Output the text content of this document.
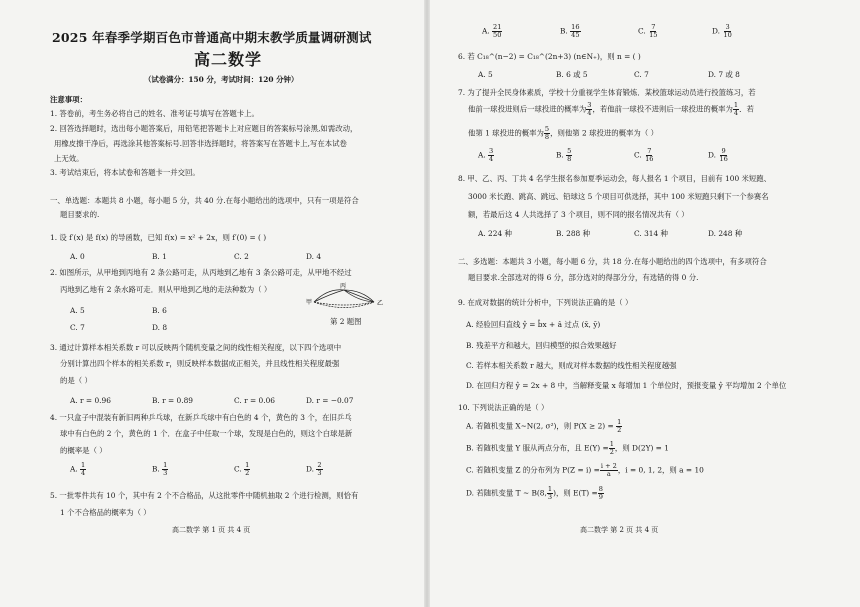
2025 年春季学期百色市普通高中期末教学质量调研测试
高二数学
（试卷满分：150 分，考试时间：120 分钟）
注意事项：
1. 答卷前，考生务必将自己的姓名、准考证号填写在答题卡上。
2. 回答选择题时，选出每小题答案后，用铅笔把答题卡上对应题目的答案标号涂黑,如需改动，
用橡皮擦干净后，再选涂其他答案标号.回答非选择题时，将答案写在答题卡上,写在本试卷
上无效。
3. 考试结束后，将本试卷和答题卡一并交回。
一、单选题：本题共 8 小题，每小题 5 分，共 40 分.在每小题给出的选项中，只有一项是符合
题目要求的.
1. 设 f′(x) 是 f(x) 的导函数，已知 f(x) = x² + 2x，则 f′(0) = ( )
A. 0	B. 1	C. 2	D. 4
2. 如图所示，从甲地到丙地有 2 条公路可走，从丙地到乙地有 3 条公路可走，从甲地不经过
丙地到乙地有 2 条水路可走．则从甲地到乙地的走法种数为（ ）
A. 5	B. 6
C. 7	D. 8
甲
丙
乙
第 2 题图
3. 通过计算样本相关系数 r 可以反映两个随机变量之间的线性相关程度，以下四个选项中
分别计算出四个样本的相关系数 r，则反映样本数据成正相关，并且线性相关程度最强
的是（ ）
A. r = 0.96	B. r = 0.89	C. r = 0.06	D. r = −0.07
4. 一只盒子中混装有新旧两种乒乓球，在新乒乓球中有白色的 4 个，黄色的 3 个，在旧乒乓
球中有白色的 2 个，黄色的 1 个．在盒子中任取一个球，发现是白色的，则这个白球是新
的概率是（ ）
A. $\frac{1}{4}$	B. $\frac{1}{3}$	C. $\frac{1}{2}$	D. $\frac{2}{3}$
5. 一批零件共有 10 个，其中有 2 个不合格品，从这批零件中随机抽取 2 个进行检测，则恰有
1 个不合格品的概率为（ ）
高二数学 第 1 页 共 4 页
A. $\frac{21}{50}$	B. $\frac{16}{45}$	C. $\frac{7}{15}$	D. $\frac{3}{10}$
6. 若 C₁₈^(n−2) = C₁₈^(2n+3) (n∈N₊)，则 n = ( )
A. 5	B. 6 或 5	C. 7	D. 7 或 8
7. 为了提升全民身体素质，学校十分重视学生体育锻炼．某校篮球运动员进行投篮练习，若
他前一球投进则后一球投进的概率为 $\frac{3}{4}$ ，若他前一球投不进则后一球投进的概率为 $\frac{1}{4}$ ．若
他第 1 球投进的概率为 $\frac{5}{8}$ ，则他第 2 球投进的概率为（ ）
A. $\frac{3}{4}$	B. $\frac{5}{8}$	C. $\frac{7}{16}$	D. $\frac{9}{16}$
8. 甲、乙、丙、丁共 4 名学生报名参加夏季运动会，每人报名 1 个项目，目前有 100 米短跑、
3000 米长跑、跳高、跳远、铅球这 5 个项目可供选择，其中 100 米短跑只剩下一个参赛名
额，若最后这 4 人共选择了 3 个项目，则不同的报名情况共有（ ）
A. 224 种	B. 288 种	C. 314 种	D. 248 种
二、多选题：本题共 3 小题，每小题 6 分，共 18 分.在每小题给出的四个选项中，有多项符合
题目要求.全部选对的得 6 分，部分选对的得部分分，有选错的得 0 分.
9. 在成对数据的统计分析中，下列说法正确的是（ ）
A. 经验回归直线 ŷ = b̂x + â 过点 (x̄, ȳ)
B. 残差平方和越大，回归模型的拟合效果越好
C. 若样本相关系数 r 越大，则成对样本数据的线性相关程度越强
D. 在回归方程 ŷ = 2x + 8 中，当解释变量 x 每增加 1 个单位时，预报变量 ŷ 平均增加 2 个单位
10. 下列说法正确的是（ ）
A. 若随机变量 X~N(2, σ²)，则 $P(X \ge 2) = \frac{1}{2}$
B. 若随机变量 Y 服从两点分布，且 $E(Y) = \frac{1}{2}$ ，则 D(2Y) = 1
C. 若随机变量 Z 的分布列为 $P(Z = i) = \frac{i + 2}{a}$ ，i = 0, 1, 2，则 a = 10
D. 若随机变量 T ~ B(8, $\frac{1}{3}$ )，则 $E(T) = \frac{8}{9}$
高二数学 第 2 页 共 4 页
